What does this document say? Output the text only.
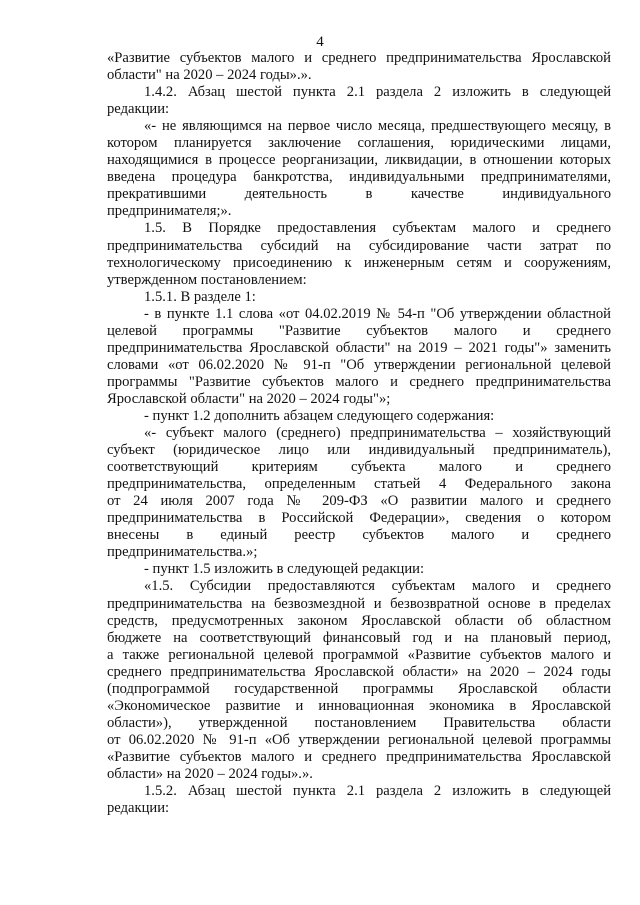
4
«Развитие субъектов малого и среднего предпринимательства Ярославской
области" на 2020 – 2024 годы».».
1.4.2. Абзац шестой пункта 2.1 раздела 2 изложить в следующей
редакции:
«- не являющимся на первое число месяца, предшествующего месяцу, в
котором планируется заключение соглашения, юридическими лицами,
находящимися в процессе реорганизации, ликвидации, в отношении которых
введена процедура банкротства, индивидуальными предпринимателями,
прекратившими деятельность в качестве индивидуального
предпринимателя;».
1.5. В Порядке предоставления субъектам малого и среднего
предпринимательства субсидий на субсидирование части затрат по
технологическому присоединению к инженерным сетям и сооружениям,
утвержденном постановлением:
1.5.1. В разделе 1:
- в пункте 1.1 слова «от 04.02.2019 № 54-п "Об утверждении областной
целевой программы "Развитие субъектов малого и среднего
предпринимательства Ярославской области" на 2019 – 2021 годы"» заменить
словами «от 06.02.2020 № 91-п "Об утверждении региональной целевой
программы "Развитие субъектов малого и среднего предпринимательства
Ярославской области" на 2020 – 2024 годы"»;
- пункт 1.2 дополнить абзацем следующего содержания:
«- субъект малого (среднего) предпринимательства – хозяйствующий
субъект (юридическое лицо или индивидуальный предприниматель),
соответствующий критериям субъекта малого и среднего
предпринимательства, определенным статьей 4 Федерального закона
от 24 июля 2007 года № 209-ФЗ «О развитии малого и среднего
предпринимательства в Российской Федерации», сведения о котором
внесены в единый реестр субъектов малого и среднего
предпринимательства.»;
- пункт 1.5 изложить в следующей редакции:
«1.5. Субсидии предоставляются субъектам малого и среднего
предпринимательства на безвозмездной и безвозвратной основе в пределах
средств, предусмотренных законом Ярославской области об областном
бюджете на соответствующий финансовый год и на плановый период,
а также региональной целевой программой «Развитие субъектов малого и
среднего предпринимательства Ярославской области» на 2020 – 2024 годы
(подпрограммой государственной программы Ярославской области
«Экономическое развитие и инновационная экономика в Ярославской
области»), утвержденной постановлением Правительства области
от 06.02.2020 № 91-п «Об утверждении региональной целевой программы
«Развитие субъектов малого и среднего предпринимательства Ярославской
области» на 2020 – 2024 годы».».
1.5.2. Абзац шестой пункта 2.1 раздела 2 изложить в следующей
редакции:
